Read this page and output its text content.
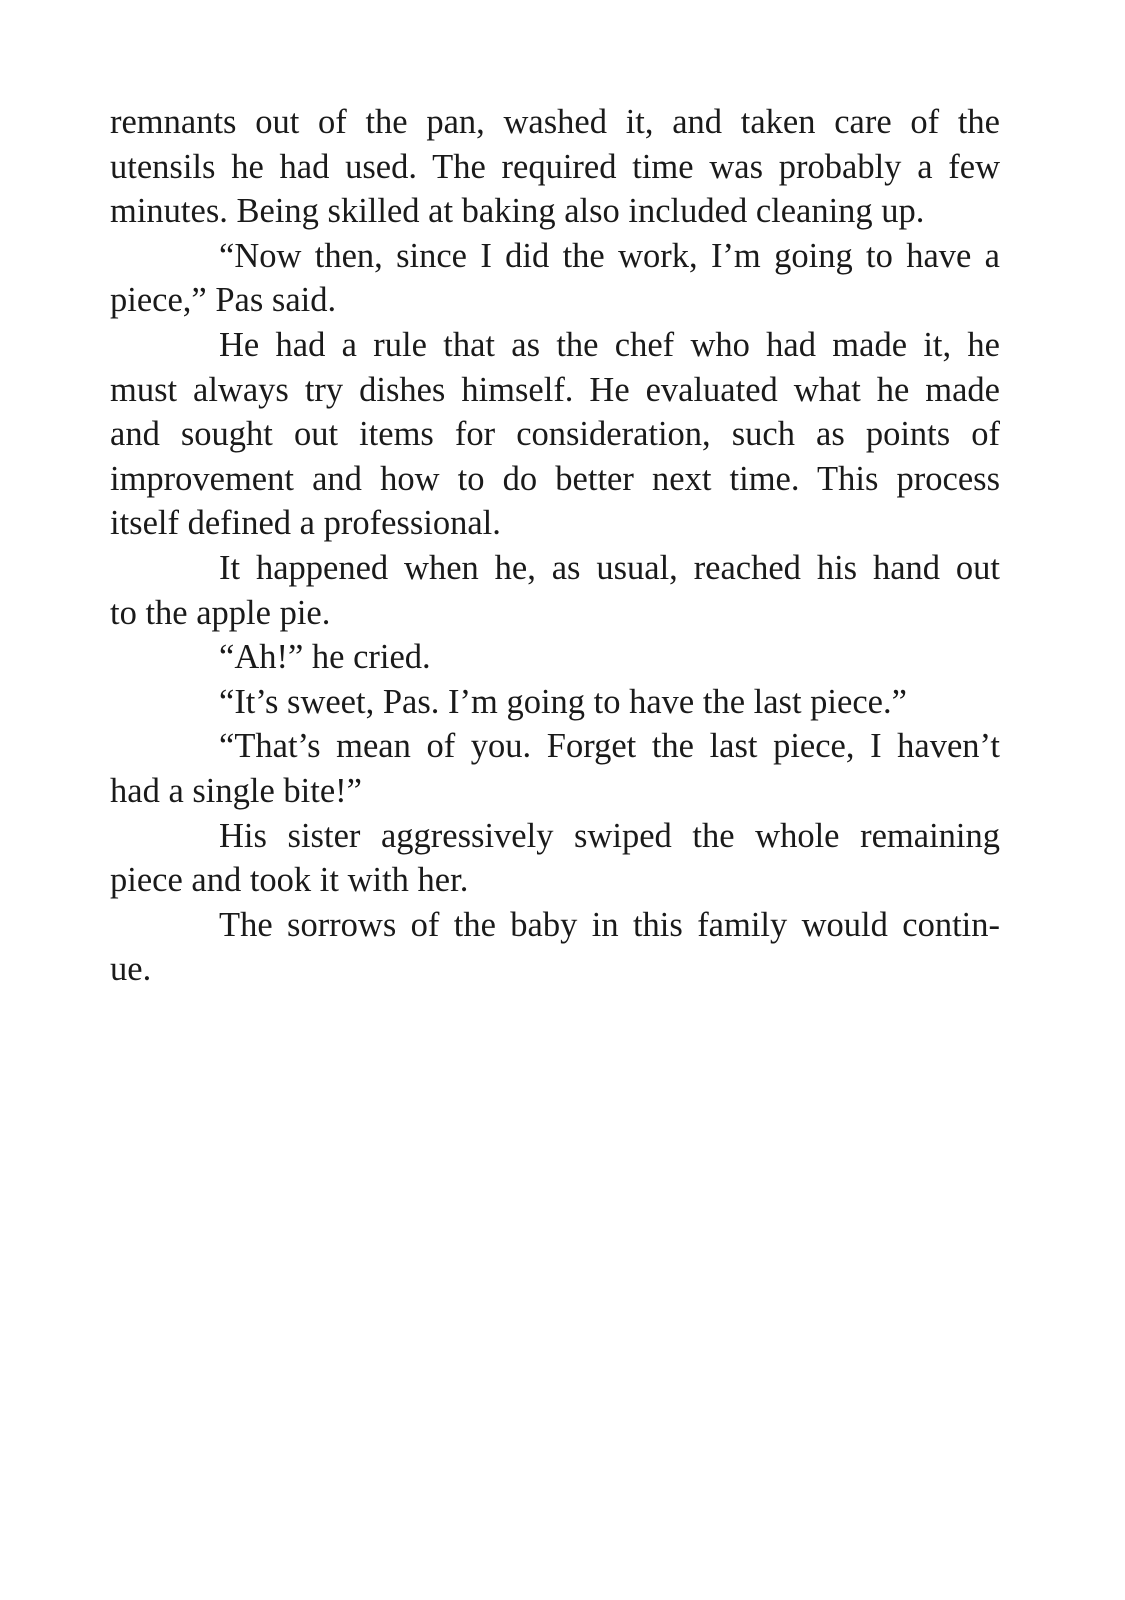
remnants out of the pan, washed it, and taken care of the
utensils he had used. The required time was probably a few
minutes. Being skilled at baking also included cleaning up.
“Now then, since I did the work, I’m going to have a
piece,” Pas said.
He had a rule that as the chef who had made it, he
must always try dishes himself. He evaluated what he made
and sought out items for consideration, such as points of
improvement and how to do better next time. This process
itself defined a professional.
It happened when he, as usual, reached his hand out
to the apple pie.
“Ah!” he cried.
“It’s sweet, Pas. I’m going to have the last piece.”
“That’s mean of you. Forget the last piece, I haven’t
had a single bite!”
His sister aggressively swiped the whole remaining
piece and took it with her.
The sorrows of the baby in this family would contin-
ue.
